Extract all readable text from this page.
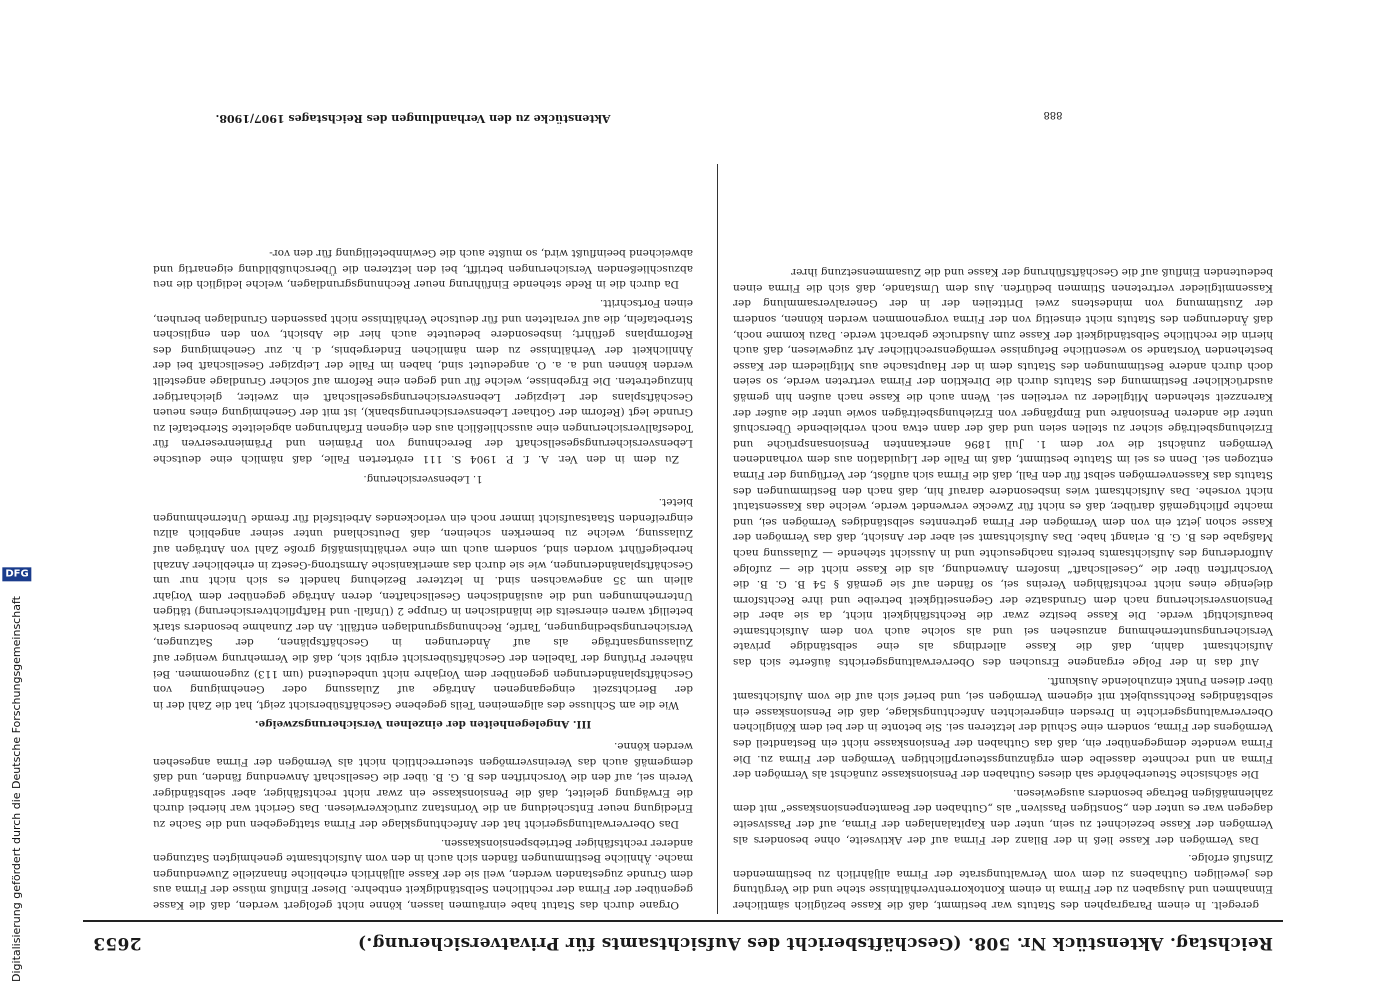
Digitalisierung gefördert durch die Deutsche Forschungsgemeinschaft DFG
Reichstag. Aktenstück Nr. 508. (Geschäftsbericht des Aufsichtsamts für Privatversicherung.)
2653

geregelt. In einem Paragraphen des Statuts war bestimmt, daß die Kasse bezüglich sämtlicher Einnahmen und Ausgaben zu der Firma in einem Kontokorrentverhältnisse stehe und die Vergütung des jeweiligen Guthabens zu dem vom Verwaltungsrate der Firma alljährlich zu bestimmenden Zinsfuß erfolge.

Das Vermögen der Kasse ließ in der Bilanz der Firma auf der Aktivseite, ohne besonders als Vermögen der Kasse bezeichnet zu sein, unter den Kapitalanlagen der Firma, auf der Passivseite dagegen war es unter den „Sonstigen Passiven“ als „Guthaben der Beamtenpensionskasse“ mit dem zahlenmäßigen Betrage besonders ausgewiesen.

Die sächsische Steuerbehörde sah dieses Guthaben der Pensionskasse zunächst als Vermögen der Firma an und rechnete dasselbe dem ergänzungssteuerpflichtigen Vermögen der Firma zu. Die Firma wendete demgegenüber ein, daß das Guthaben der Pensionskasse nicht ein Bestandteil des Vermögens der Firma, sondern eine Schuld der letzteren sei. Sie betonte in der bei dem Königlichen Oberverwaltungsgerichte in Dresden eingereichten Anfechtungsklage, daß die Pensionskasse ein selbständiges Rechtssubjekt mit eigenem Vermögen sei, und berief sich auf die vom Aufsichtsamt über diesen Punkt einzuholende Auskunft.

Auf das in der Folge ergangene Ersuchen des Oberverwaltungsgerichts äußerte sich das Aufsichtsamt dahin, daß die Kasse allerdings als eine selbständige private Versicherungsunternehmung anzusehen sei und als solche auch von dem Aufsichtsamte beaufsichtigt werde. Die Kasse besitze zwar die Rechtsfähigkeit nicht, da sie aber die Pensionsversicherung nach dem Grundsatze der Gegenseitigkeit betreibe und ihre Rechtsform diejenige eines nicht rechtsfähigen Vereins sei, so fänden auf sie gemäß § 54 B. G. B. die Vorschriften über die „Gesellschaft“ insofern Anwendung, als die Kasse nicht die — zufolge Aufforderung des Aufsichtsamts bereits nachgesuchte und in Aussicht stehende — Zulassung nach Maßgabe des B. G. B. erlangt habe. Das Aufsichtsamt sei aber der Ansicht, daß das Vermögen der Kasse schon jetzt ein von dem Vermögen der Firma getrenntes selbständiges Vermögen sei, und machte pflichtgemäß darüber, daß es nicht für Zwecke verwendet werde, welche das Kassenstatut nicht vorsehe. Das Aufsichtsamt wies insbesondere darauf hin, daß nach den Bestimmungen des Statuts das Kassenvermögen selbst für den Fall, daß die Firma sich auflöst, der Verfügung der Firma entzogen sei. Denn es sei im Statute bestimmt, daß im Falle der Liquidation aus dem vorhandenen Vermögen zunächst die vor dem 1. Juli 1896 anerkannten Pensionsansprüche und Erziehungsbeiträge sicher zu stellen seien und daß der dann etwa noch verbleibende Überschuß unter die anderen Pensionäre und Empfänger von Erziehungsbeiträgen sowie unter die außer der Karenzzeit stehenden Mitglieder zu verteilen sei. Wenn auch die Kasse nach außen hin gemäß ausdrücklicher Bestimmung des Statuts durch die Direktion der Firma vertreten werde, so seien doch durch andere Bestimmungen des Statuts dem in der Hauptsache aus Mitgliedern der Kasse bestehenden Vorstande so wesentliche Befugnisse vermögensrechtlicher Art zugewiesen, daß auch hierin die rechtliche Selbständigkeit der Kasse zum Ausdrucke gebracht werde. Dazu komme noch, daß Änderungen des Statuts nicht einseitig von der Firma vorgenommen werden können, sondern der Zustimmung von mindestens zwei Dritteilen der in der Generalversammlung der Kassenmitglieder vertretenen Stimmen bedürfen. Aus dem Umstande, daß sich die Firma einen bedeutenden Einfluß auf die Geschäftsführung der Kasse und die Zusammensetzung ihrer

Organe durch das Statut habe einräumen lassen, könne nicht gefolgert werden, daß die Kasse gegenüber der Firma der rechtlichen Selbständigkeit entbehre. Dieser Einfluß müsse der Firma aus dem Grunde zugestanden werden, weil sie der Kasse alljährlich erhebliche finanzielle Zuwendungen mache. Ähnliche Bestimmungen fänden sich auch in den vom Aufsichtsamte genehmigten Satzungen anderer rechtsfähiger Betriebspensionskassen.

Das Oberverwaltungsgericht hat der Anfechtungsklage der Firma stattgegeben und die Sache zu Erledigung neuer Entscheidung an die Vorinstanz zurückverwiesen. Das Gericht war hierbei durch die Erwägung geleitet, daß die Pensionskasse ein zwar nicht rechtsfähiger, aber selbständiger Verein sei, auf den die Vorschriften des B. G. B. über die Gesellschaft Anwendung fänden, und daß demgemäß auch das Vereinsvermögen steuerrechtlich nicht als Vermögen der Firma angesehen werden könne.

III. Angelegenheiten der einzelnen Versicherungszweige.

Wie die am Schlusse des allgemeinen Teils gegebene Geschäftsübersicht zeigt, hat die Zahl der in der Berichtszeit eingegangenen Anträge auf Zulassung oder Genehmigung von Geschäftsplanänderungen gegenüber dem Vorjahre nicht unbedeutend (um 113) zugenommen. Bei näherer Prüfung der Tabellen der Geschäftsübersicht ergibt sich, daß die Vermehrung weniger auf Zulassungsanträge als auf Änderungen in Geschäftsplänen, der Satzungen, Versicherungsbedingungen, Tarife, Rechnungsgrundlagen entfällt. An der Zunahme besonders stark beteiligt waren einerseits die inländischen in Gruppe 2 (Unfall- und Haftpflichtversicherung) tätigen Unternehmungen und die ausländischen Gesellschaften, deren Anträge gegenüber dem Vorjahr allein um 35 angewachsen sind. In letzterer Beziehung handelt es sich nicht nur um Geschäftsplanänderungen, wie sie durch das amerikanische Armstrong-Gesetz in erheblicher Anzahl herbeigeführt worden sind, sondern auch um eine verhältnismäßig große Zahl von Anträgen auf Zulassung, welche zu bemerken scheinen, daß Deutschland unter seiner angeblich allzu eingreifenden Staatsaufsicht immer noch ein verlockendes Arbeitsfeld für fremde Unternehmungen bietet.

1. Lebensversicherung.

Zu dem in den Ver. A. f. P. 1904 S. 111 erörterten Falle, daß nämlich eine deutsche Lebensversicherungsgesellschaft der Berechnung von Prämien und Prämienreserven für Todesfallversicherungen eine ausschließlich aus den eigenen Erfahrungen abgeleitete Sterbetafel zu Grunde legt (Reform der Gothaer Lebensversicherungsbank), ist mit der Genehmigung eines neuen Geschäftsplans der Leipziger Lebensversicherungsgesellschaft ein zweiter, gleichartiger hinzugetreten. Die Ergebnisse, welche für und gegen eine Reform auf solcher Grundlage angestellt werden können und a. a. O. angedeutet sind, haben im Falle der Leipziger Gesellschaft bei der Ähnlichkeit der Verhältnisse zu dem nämlichen Endergebnis, d. h. zur Genehmigung des Reformplans geführt; insbesondere bedeutete auch hier die Absicht, von den englischen Sterbetafeln, die auf veralteten und für deutsche Verhältnisse nicht passenden Grundlagen beruhen, einen Fortschritt.

Da durch die in Rede stehende Einführung neuer Rechnungsgrundlagen, welche lediglich die neu abzuschließenden Versicherungen betrifft, bei den letzteren die Überschußbildung eigenartig und abweichend beeinflußt wird, so mußte auch die Gewinnbeteiligung für den vor-

Aktenstücke zu den Verhandlungen des Reichstages 1907/1908.	888
